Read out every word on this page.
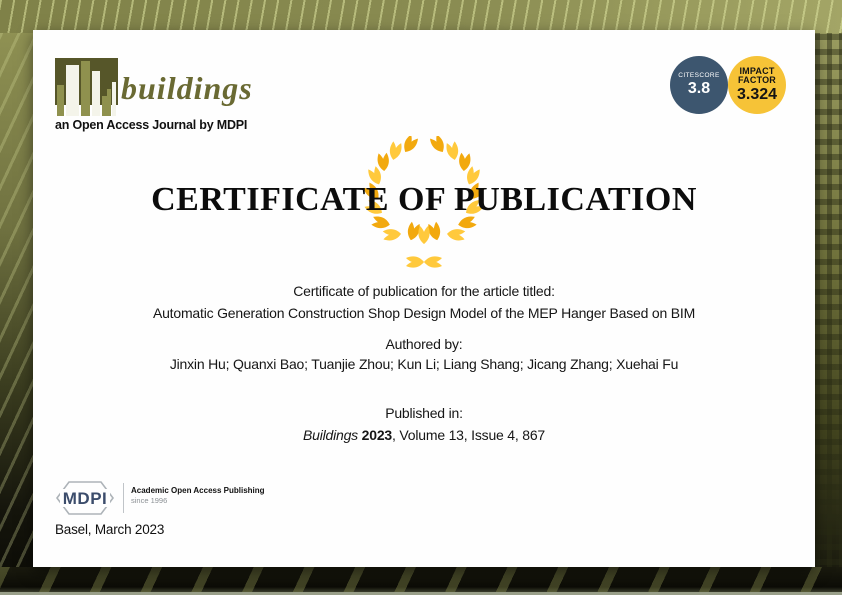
buildings
an Open Access Journal by MDPI
CITESCORE
3.8
IMPACT
FACTOR
3.324
CERTIFICATE OF PUBLICATION
Certificate of publication for the article titled:
Automatic Generation Construction Shop Design Model of the MEP Hanger Based on BIM
Authored by:
Jinxin Hu; Quanxi Bao; Tuanjie Zhou; Kun Li; Liang Shang; Jicang Zhang; Xuehai Fu
Published in:
Buildings 2023, Volume 13, Issue 4, 867
MDPI	Academic Open Access Publishing
since 1996
Basel, March 2023
